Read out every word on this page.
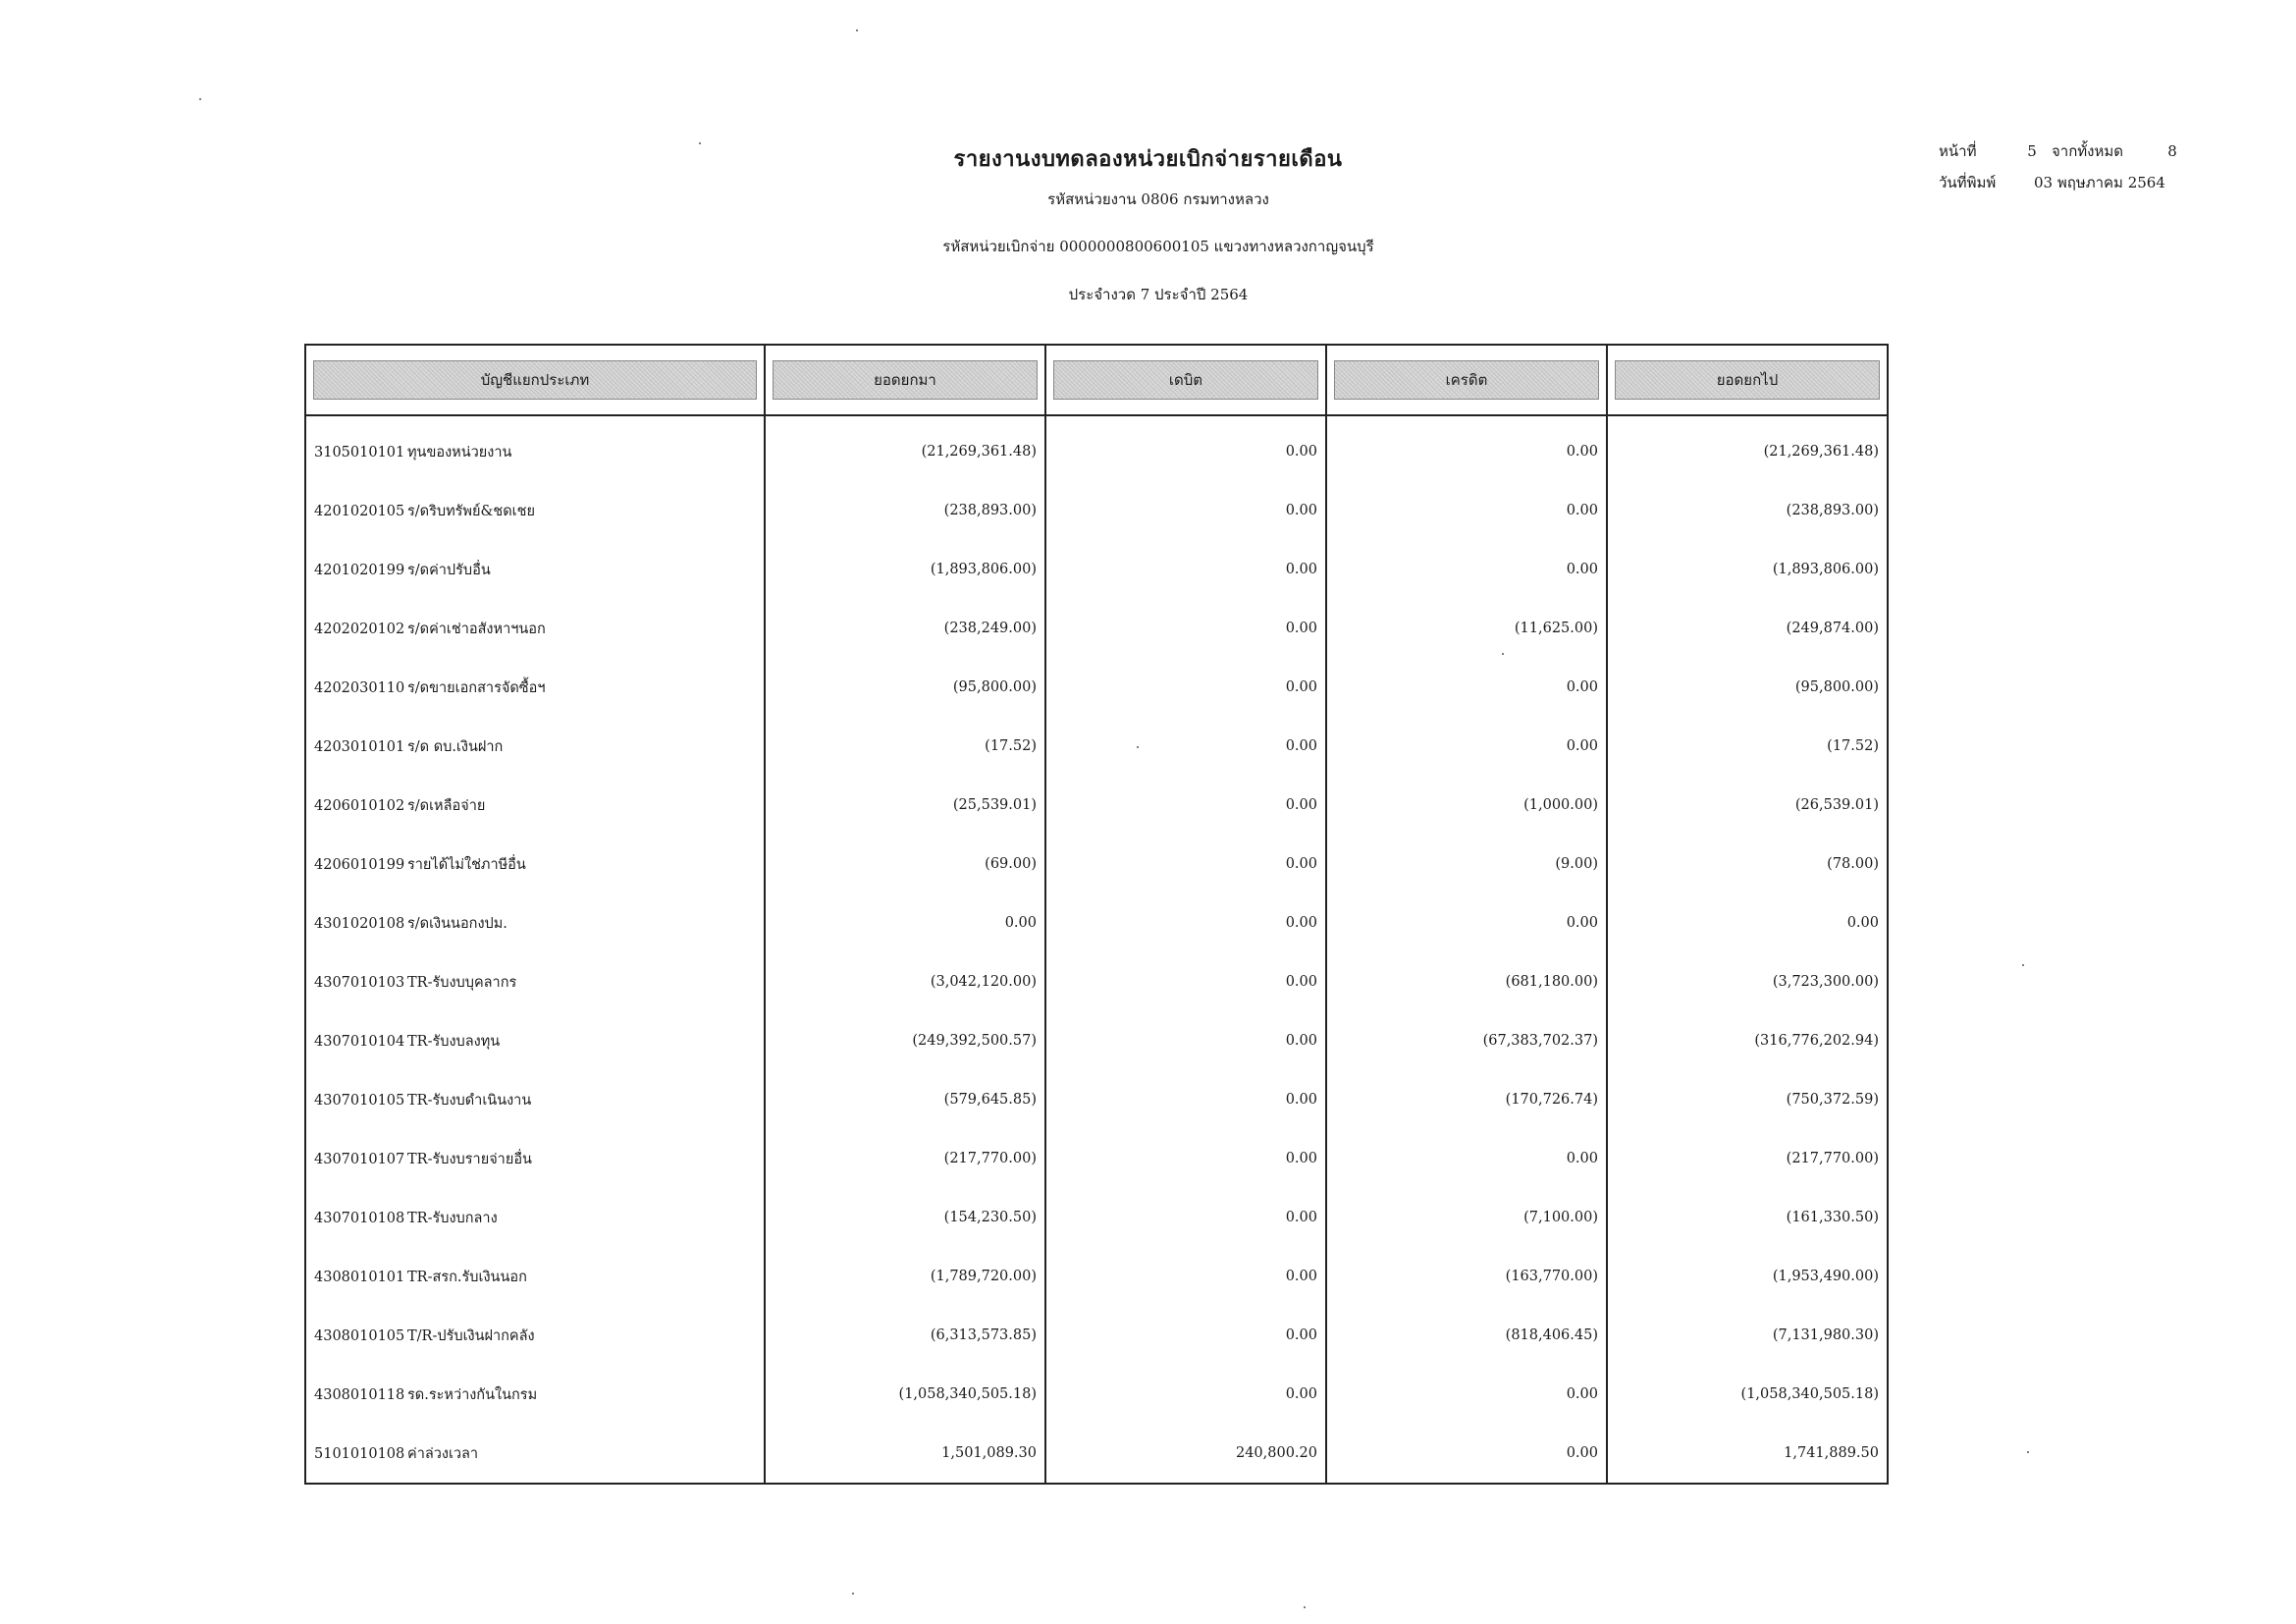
รายงานงบทดลองหน่วยเบิกจ่ายรายเดือน
รหัสหน่วยงาน 0806 กรมทางหลวง
รหัสหน่วยเบิกจ่าย 0000000800600105 แขวงทางหลวงกาญจนบุรี
ประจำงวด 7 ประจำปี 2564
หน้าที่	5 จากทั้งหมด	8
วันที่พิมพ์	03 พฤษภาคม 2564
บัญชีแยกประเภท	ยอดยกมา	เดบิต	เครดิต	ยอดยกไป

3105010101 ทุนของหน่วยงาน	(21,269,361.48)	0.00	0.00	(21,269,361.48)
4201020105 ร/ดริบทรัพย์&ชดเชย	(238,893.00)	0.00	0.00	(238,893.00)
4201020199 ร/ดค่าปรับอื่น	(1,893,806.00)	0.00	0.00	(1,893,806.00)
4202020102 ร/ดค่าเช่าอสังหาฯนอก	(238,249.00)	0.00	(11,625.00)	(249,874.00)
4202030110 ร/ดขายเอกสารจัดซื้อฯ	(95,800.00)	0.00	0.00	(95,800.00)
4203010101 ร/ด ดบ.เงินฝาก	(17.52)	0.00	0.00	(17.52)
4206010102 ร/ดเหลือจ่าย	(25,539.01)	0.00	(1,000.00)	(26,539.01)
4206010199 รายได้ไม่ใช่ภาษีอื่น	(69.00)	0.00	(9.00)	(78.00)
4301020108 ร/ดเงินนอกงปม.	0.00	0.00	0.00	0.00
4307010103 TR-รับงบบุคลากร	(3,042,120.00)	0.00	(681,180.00)	(3,723,300.00)
4307010104 TR-รับงบลงทุน	(249,392,500.57)	0.00	(67,383,702.37)	(316,776,202.94)
4307010105 TR-รับงบดำเนินงาน	(579,645.85)	0.00	(170,726.74)	(750,372.59)
4307010107 TR-รับงบรายจ่ายอื่น	(217,770.00)	0.00	0.00	(217,770.00)
4307010108 TR-รับงบกลาง	(154,230.50)	0.00	(7,100.00)	(161,330.50)
4308010101 TR-สรก.รับเงินนอก	(1,789,720.00)	0.00	(163,770.00)	(1,953,490.00)
4308010105 T/R-ปรับเงินฝากคลัง	(6,313,573.85)	0.00	(818,406.45)	(7,131,980.30)
4308010118 รด.ระหว่างกันในกรม	(1,058,340,505.18)	0.00	0.00	(1,058,340,505.18)
5101010108 ค่าล่วงเวลา	1,501,089.30	240,800.20	0.00	1,741,889.50
